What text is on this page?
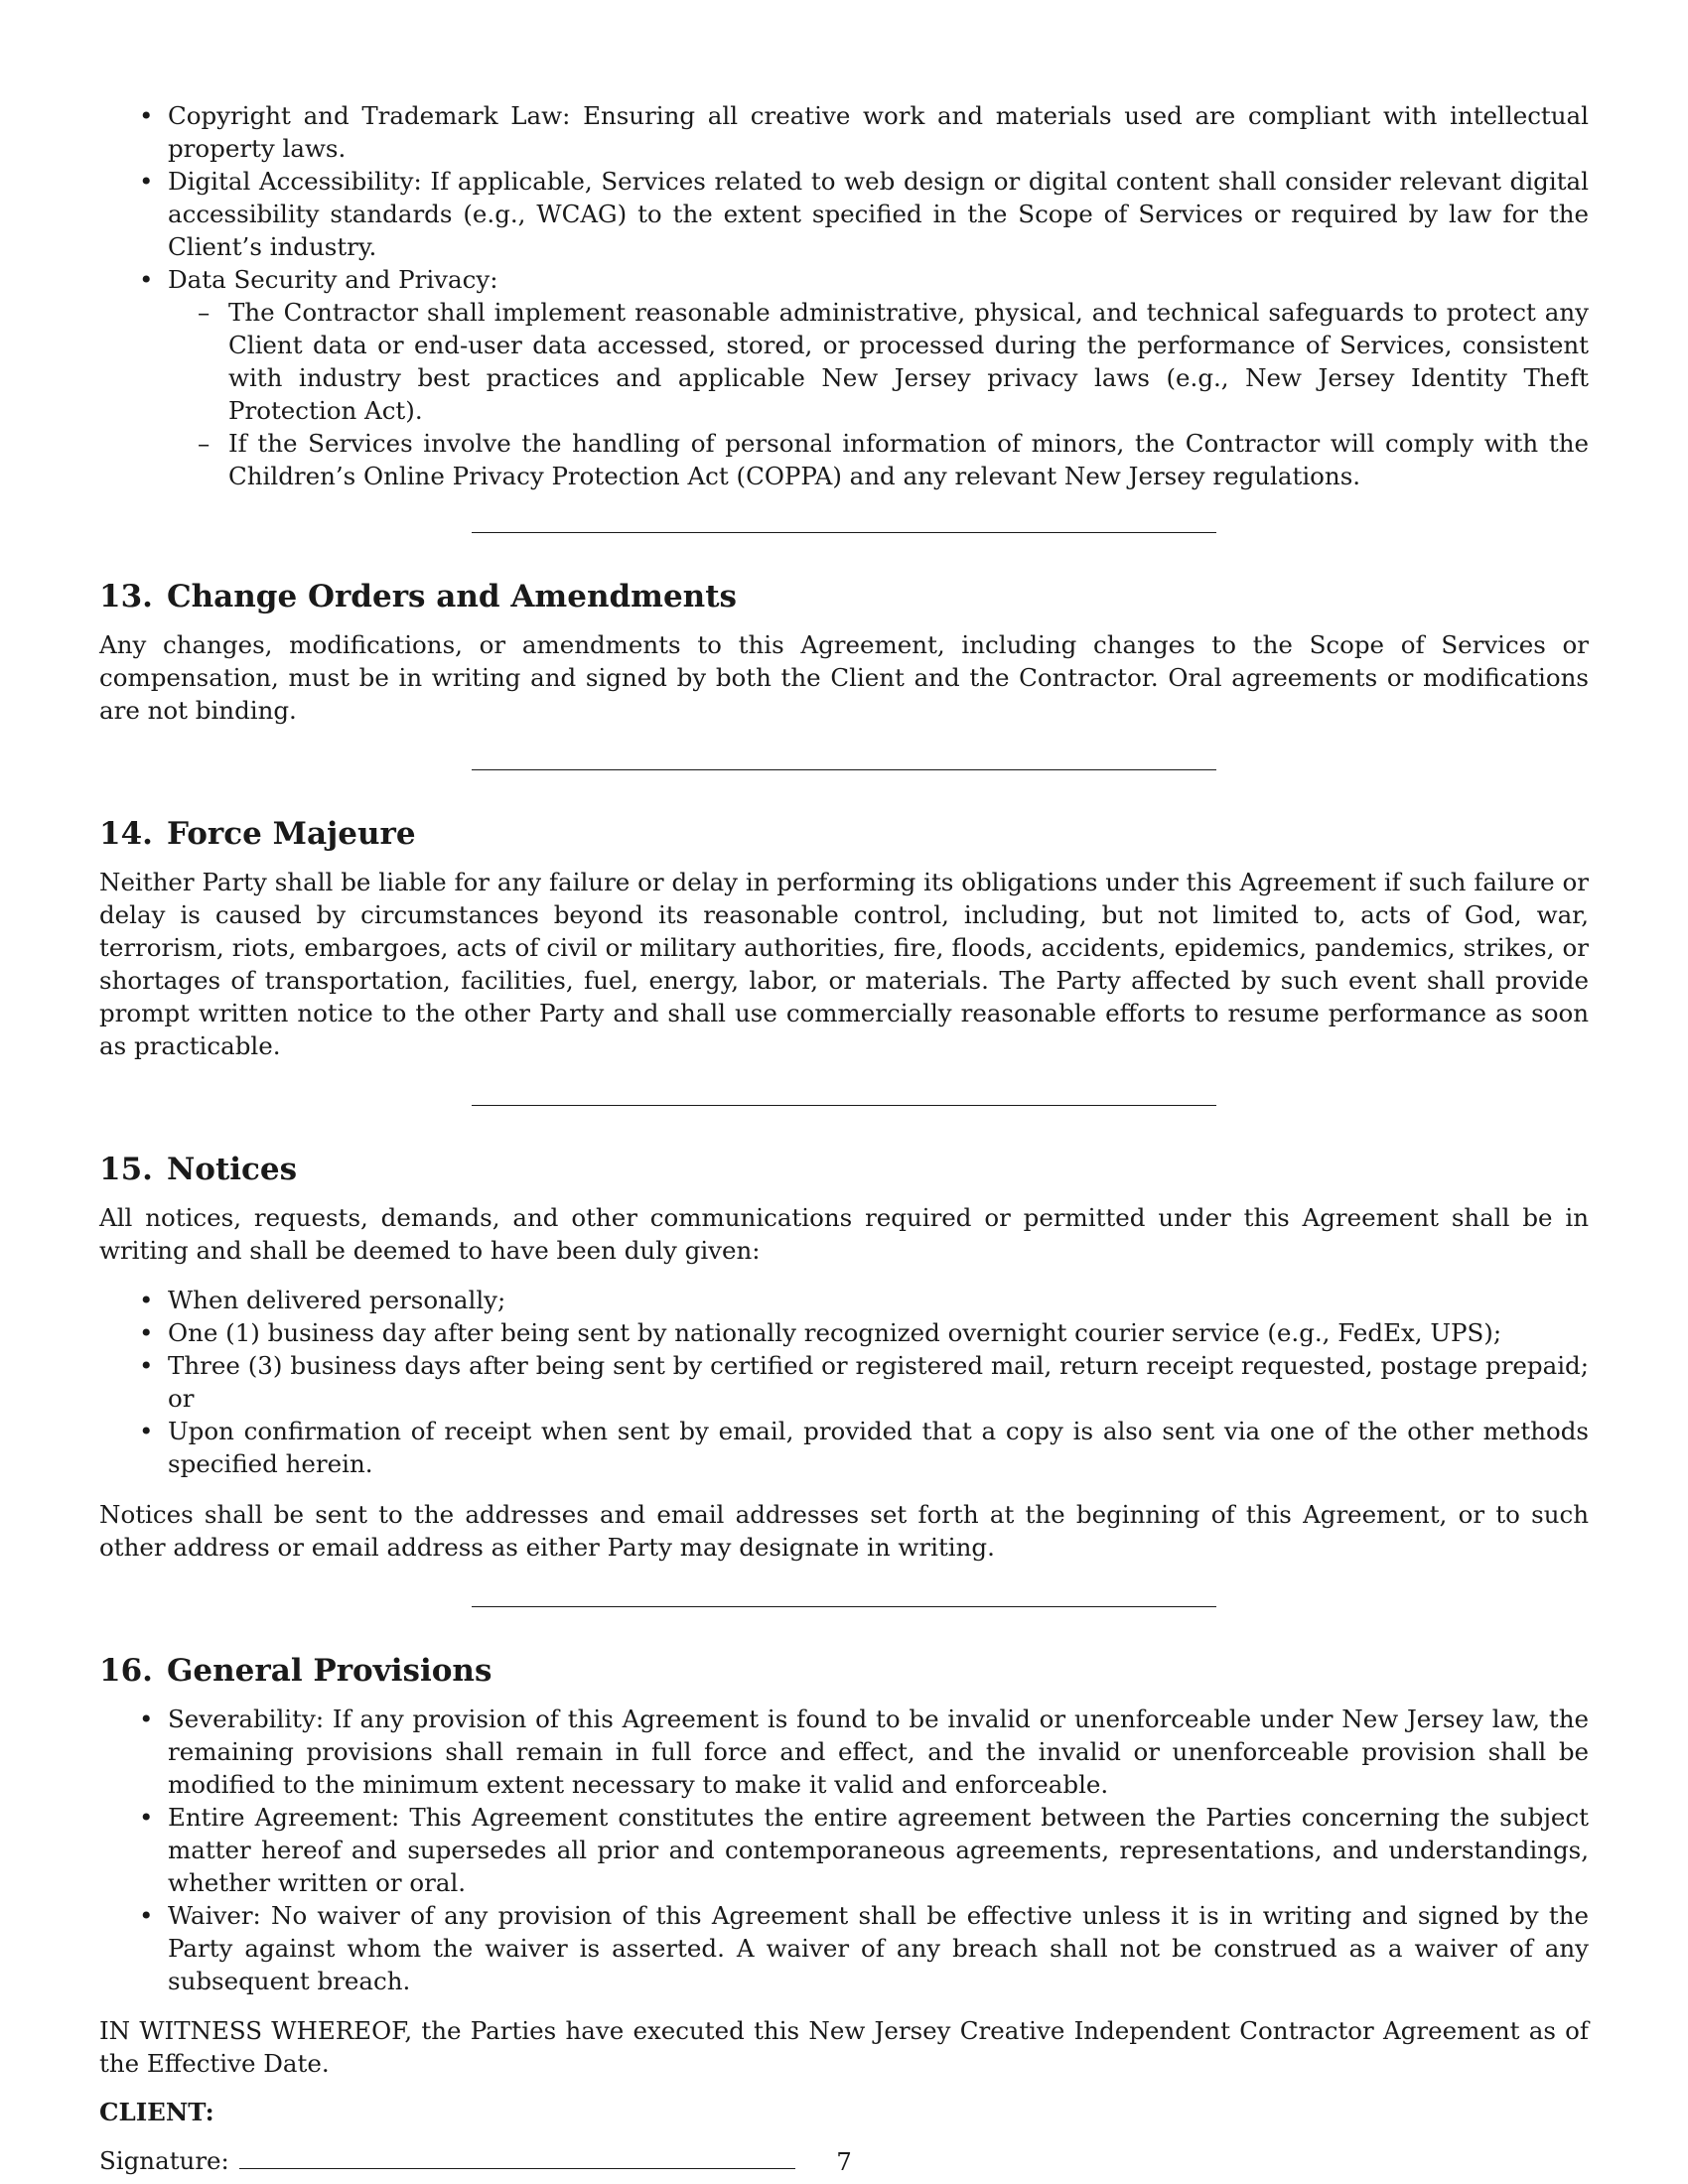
• Copyright and Trademark Law: Ensuring all creative work and materials used are compliant with intellectual property laws.
• Digital Accessibility: If applicable, Services related to web design or digital content shall consider relevant digital accessibility standards (e.g., WCAG) to the extent specified in the Scope of Services or required by law for the Client’s industry.
• Data Security and Privacy:
– The Contractor shall implement reasonable administrative, physical, and technical safeguards to protect any Client data or end-user data accessed, stored, or processed during the performance of Services, consistent with industry best practices and applicable New Jersey privacy laws (e.g., New Jersey Identity Theft Protection Act).
– If the Services involve the handling of personal information of minors, the Contractor will comply with the Children’s Online Privacy Protection Act (COPPA) and any relevant New Jersey regulations.
13. Change Orders and Amendments

Any changes, modifications, or amendments to this Agreement, including changes to the Scope of Services or compensation, must be in writing and signed by both the Client and the Contractor. Oral agreements or modifications are not binding.

14. Force Majeure

Neither Party shall be liable for any failure or delay in performing its obligations under this Agreement if such failure or delay is caused by circumstances beyond its reasonable control, including, but not limited to, acts of God, war, terrorism, riots, embargoes, acts of civil or military authorities, fire, floods, accidents, epidemics, pandemics, strikes, or shortages of transportation, facilities, fuel, energy, labor, or materials. The Party affected by such event shall provide prompt written notice to the other Party and shall use commercially reasonable efforts to resume performance as soon as practicable.

15. Notices

All notices, requests, demands, and other communications required or permitted under this Agreement shall be in writing and shall be deemed to have been duly given:

• When delivered personally;
• One (1) business day after being sent by nationally recognized overnight courier service (e.g., FedEx, UPS);
• Three (3) business days after being sent by certified or registered mail, return receipt requested, postage prepaid; or
• Upon confirmation of receipt when sent by email, provided that a copy is also sent via one of the other methods specified herein.

Notices shall be sent to the addresses and email addresses set forth at the beginning of this Agreement, or to such other address or email address as either Party may designate in writing.

16. General Provisions
• Severability: If any provision of this Agreement is found to be invalid or unenforceable under New Jersey law, the remaining provisions shall remain in full force and effect, and the invalid or unenforceable provision shall be modified to the minimum extent necessary to make it valid and enforceable.
• Entire Agreement: This Agreement constitutes the entire agreement between the Parties concerning the subject matter hereof and supersedes all prior and contemporaneous agreements, representations, and understandings, whether written or oral.
• Waiver: No waiver of any provision of this Agreement shall be effective unless it is in writing and signed by the Party against whom the waiver is asserted. A waiver of any breach shall not be construed as a waiver of any subsequent breach.

IN WITNESS WHEREOF, the Parties have executed this New Jersey Creative Independent Contractor Agreement as of the Effective Date.

CLIENT:

Signature:	7
